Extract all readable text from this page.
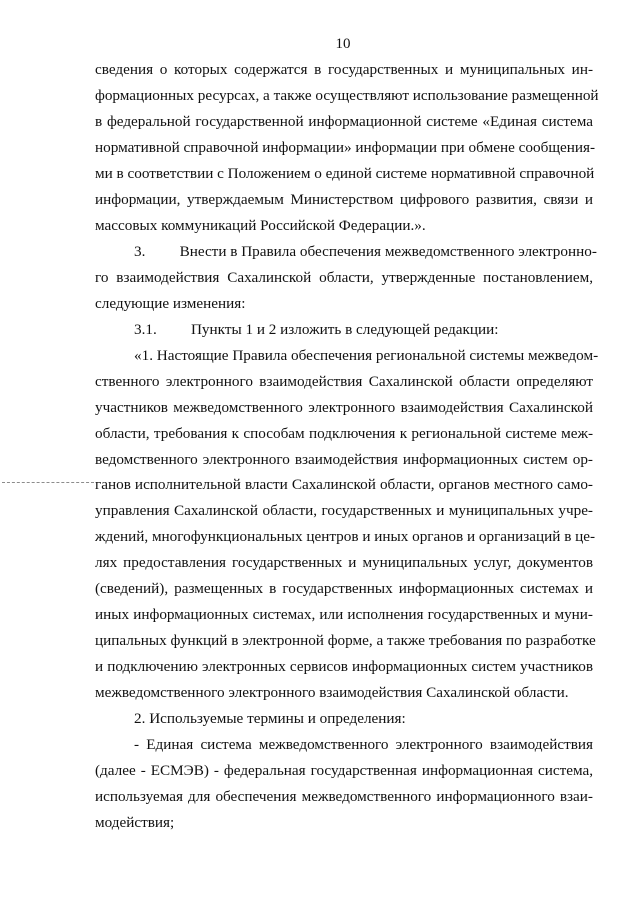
10
сведения о которых содержатся в государственных и муниципальных ин-
формационных ресурсах, а также осуществляют использование размещенной
в федеральной государственной информационной системе «Единая система
нормативной справочной информации» информации при обмене сообщения-
ми в соответствии с Положением о единой системе нормативной справочной
информации, утверждаемым Министерством цифрового развития, связи и
массовых коммуникаций Российской Федерации.».
3.   Внести в Правила обеспечения межведомственного электронно-
го взаимодействия Сахалинской области, утвержденные постановлением,
следующие изменения:
3.1.   Пункты 1 и 2 изложить в следующей редакции:
«1. Настоящие Правила обеспечения региональной системы межведом-
ственного электронного взаимодействия Сахалинской области определяют
участников межведомственного электронного взаимодействия Сахалинской
области, требования к способам подключения к региональной системе меж-
ведомственного электронного взаимодействия информационных систем ор-
ганов исполнительной власти Сахалинской области, органов местного само-
управления Сахалинской области, государственных и муниципальных учре-
ждений, многофункциональных центров и иных органов и организаций в це-
лях предоставления государственных и муниципальных услуг, документов
(сведений), размещенных в государственных информационных системах и
иных информационных системах, или исполнения государственных и муни-
ципальных функций в электронной форме, а также требования по разработке
и подключению электронных сервисов информационных систем участников
межведомственного электронного взаимодействия Сахалинской области.
2. Используемые термины и определения:
- Единая система межведомственного электронного взаимодействия
(далее - ЕСМЭВ) - федеральная государственная информационная система,
используемая для обеспечения межведомственного информационного взаи-
модействия;
